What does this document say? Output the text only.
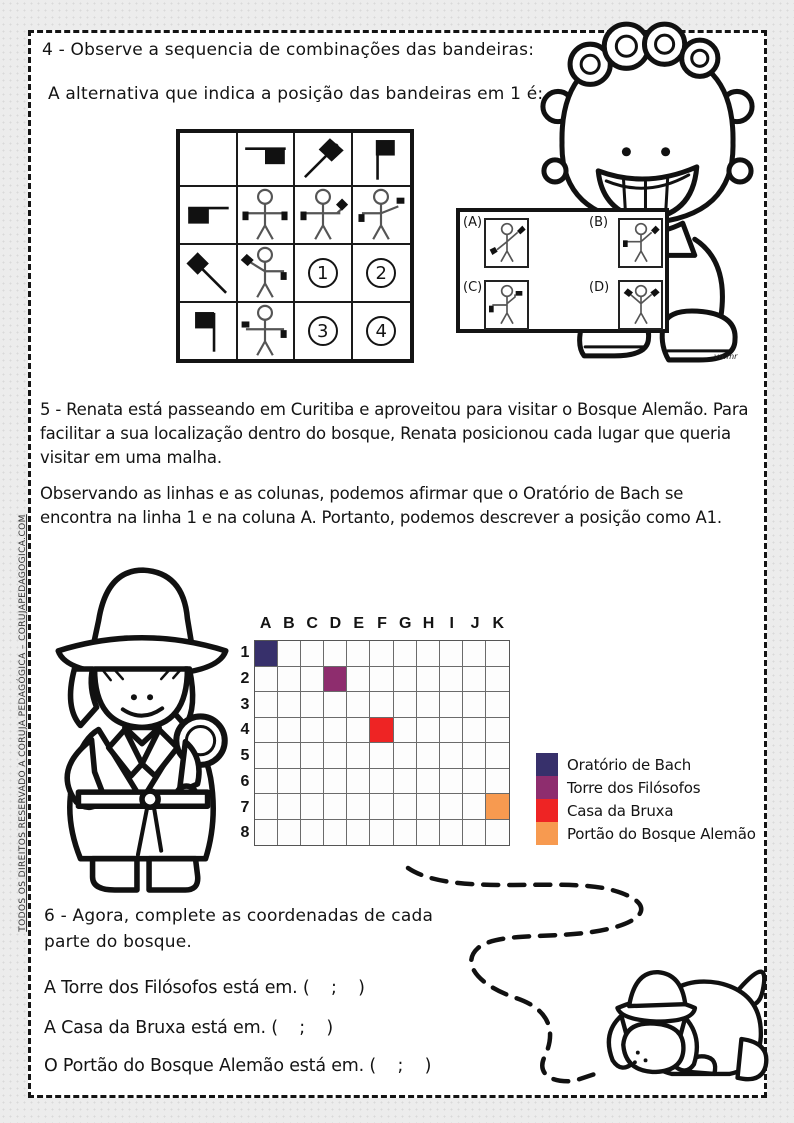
TODOS OS DIREITOS RESERVADO A CORUJA PEDAGÓGICA – CORUJAPEDAGOGICA.COM
4 - Observe a sequencia de combinações das bandeiras:
A alternativa que indica a posição das bandeiras em 1 é:
vn.mr
1	2
3	4
(A)	(B)
(C)	(D)
5 - Renata está passeando em Curitiba e aproveitou para visitar o Bosque Alemão. Para facilitar a sua localização dentro do bosque, Renata posicionou cada lugar que queria visitar em uma malha.
Observando as linhas e as colunas, podemos afirmar que o Oratório de Bach se encontra na linha 1 e na coluna A. Portanto, podemos descrever a posição como A1.
A B C D E F G H I	J K
1
2
3
4
5
6
7
8
Oratório de Bach
Torre dos Filósofos
Casa da Bruxa
Portão do Bosque Alemão
6 - Agora, complete as coordenadas de cada parte do bosque.
A Torre dos Filósofos está em.
(    ;    )
A Casa da Bruxa está em.
(    ;    )
O Portão do Bosque Alemão está em.
(    ;    )
